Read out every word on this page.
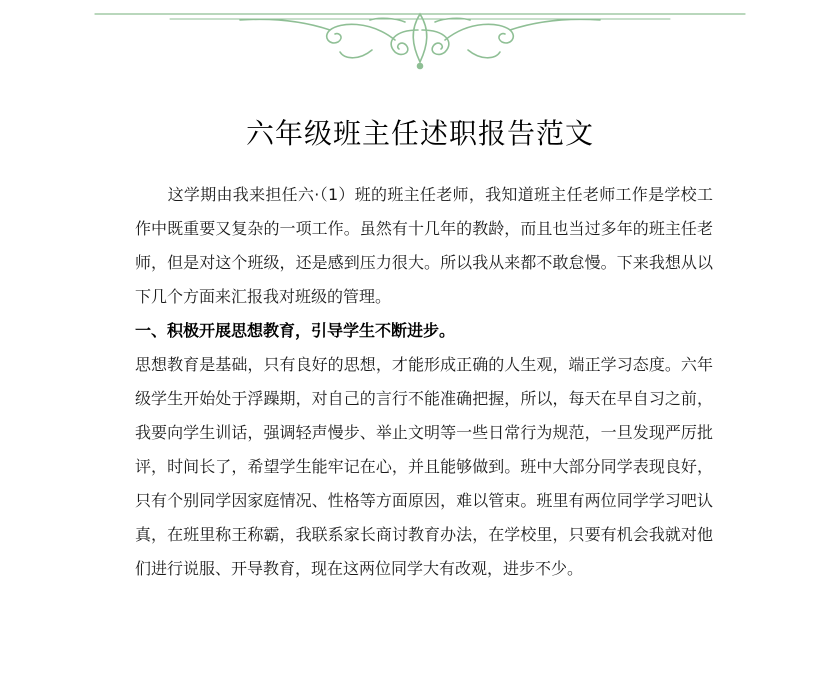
六年级班主任述职报告范文

　　这学期由我来担任六·（1）班的班主任老师，我知道班主任老师工作是学校工作中既重要又复杂的一项工作。虽然有十几年的教龄，而且也当过多年的班主任老师，但是对这个班级，还是感到压力很大。所以我从来都不敢怠慢。下来我想从以下几个方面来汇报我对班级的管理。

一、积极开展思想教育，引导学生不断进步。

思想教育是基础，只有良好的思想，才能形成正确的人生观，端正学习态度。六年级学生开始处于浮躁期，对自己的言行不能准确把握，所以，每天在早自习之前，我要向学生训话，强调轻声慢步、举止文明等一些日常行为规范，一旦发现严厉批评，时间长了，希望学生能牢记在心，并且能够做到。班中大部分同学表现良好，只有个别同学因家庭情况、性格等方面原因，难以管束。班里有两位同学学习吧认真，在班里称王称霸，我联系家长商讨教育办法，在学校里，只要有机会我就对他们进行说服、开导教育，现在这两位同学大有改观，进步不少。
